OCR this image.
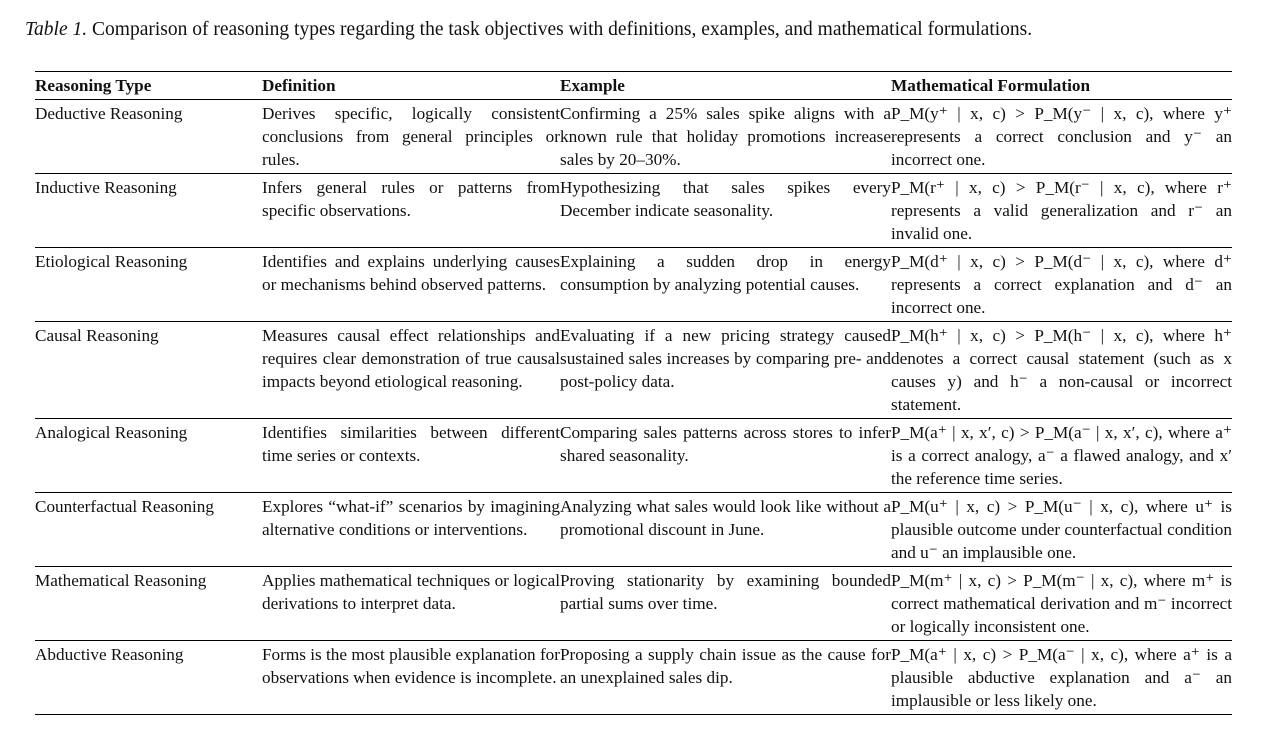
Table 1. Comparison of reasoning types regarding the task objectives with definitions, examples, and mathematical formulations.
Reasoning Type	Definition	Example	Mathematical Formulation
Deductive Reasoning	Derives specific, logically consistent conclusions from general principles or rules.	Confirming a 25% sales spike aligns with a known rule that holiday promotions increase sales by 20–30%.	P_M(y⁺ | x, c) > P_M(y⁻ | x, c), where y⁺ represents a correct conclusion and y⁻ an incorrect one.
Inductive Reasoning	Infers general rules or patterns from specific observations.	Hypothesizing that sales spikes every December indicate seasonality.	P_M(r⁺ | x, c) > P_M(r⁻ | x, c), where r⁺ represents a valid generalization and r⁻ an invalid one.
Etiological Reasoning	Identifies and explains underlying causes or mechanisms behind observed patterns.	Explaining a sudden drop in energy consumption by analyzing potential causes.	P_M(d⁺ | x, c) > P_M(d⁻ | x, c), where d⁺ represents a correct explanation and d⁻ an incorrect one.
Causal Reasoning	Measures causal effect relationships and requires clear demonstration of true causal impacts beyond etiological reasoning.	Evaluating if a new pricing strategy caused sustained sales increases by comparing pre- and post-policy data.	P_M(h⁺ | x, c) > P_M(h⁻ | x, c), where h⁺ denotes a correct causal statement (such as x causes y) and h⁻ a non-causal or incorrect statement.
Analogical Reasoning	Identifies similarities between different time series or contexts.	Comparing sales patterns across stores to infer shared seasonality.	P_M(a⁺ | x, x′, c) > P_M(a⁻ | x, x′, c), where a⁺ is a correct analogy, a⁻ a flawed analogy, and x′ the reference time series.
Counterfactual Reasoning	Explores “what-if” scenarios by imagining alternative conditions or interventions.	Analyzing what sales would look like without a promotional discount in June.	P_M(u⁺ | x, c) > P_M(u⁻ | x, c), where u⁺ is plausible outcome under counterfactual condition and u⁻ an implausible one.
Mathematical Reasoning	Applies mathematical techniques or logical derivations to interpret data.	Proving stationarity by examining bounded partial sums over time.	P_M(m⁺ | x, c) > P_M(m⁻ | x, c), where m⁺ is correct mathematical derivation and m⁻ incorrect or logically inconsistent one.
Abductive Reasoning	Forms is the most plausible explanation for observations when evidence is incomplete.	Proposing a supply chain issue as the cause for an unexplained sales dip.	P_M(a⁺ | x, c) > P_M(a⁻ | x, c), where a⁺ is a plausible abductive explanation and a⁻ an implausible or less likely one.
